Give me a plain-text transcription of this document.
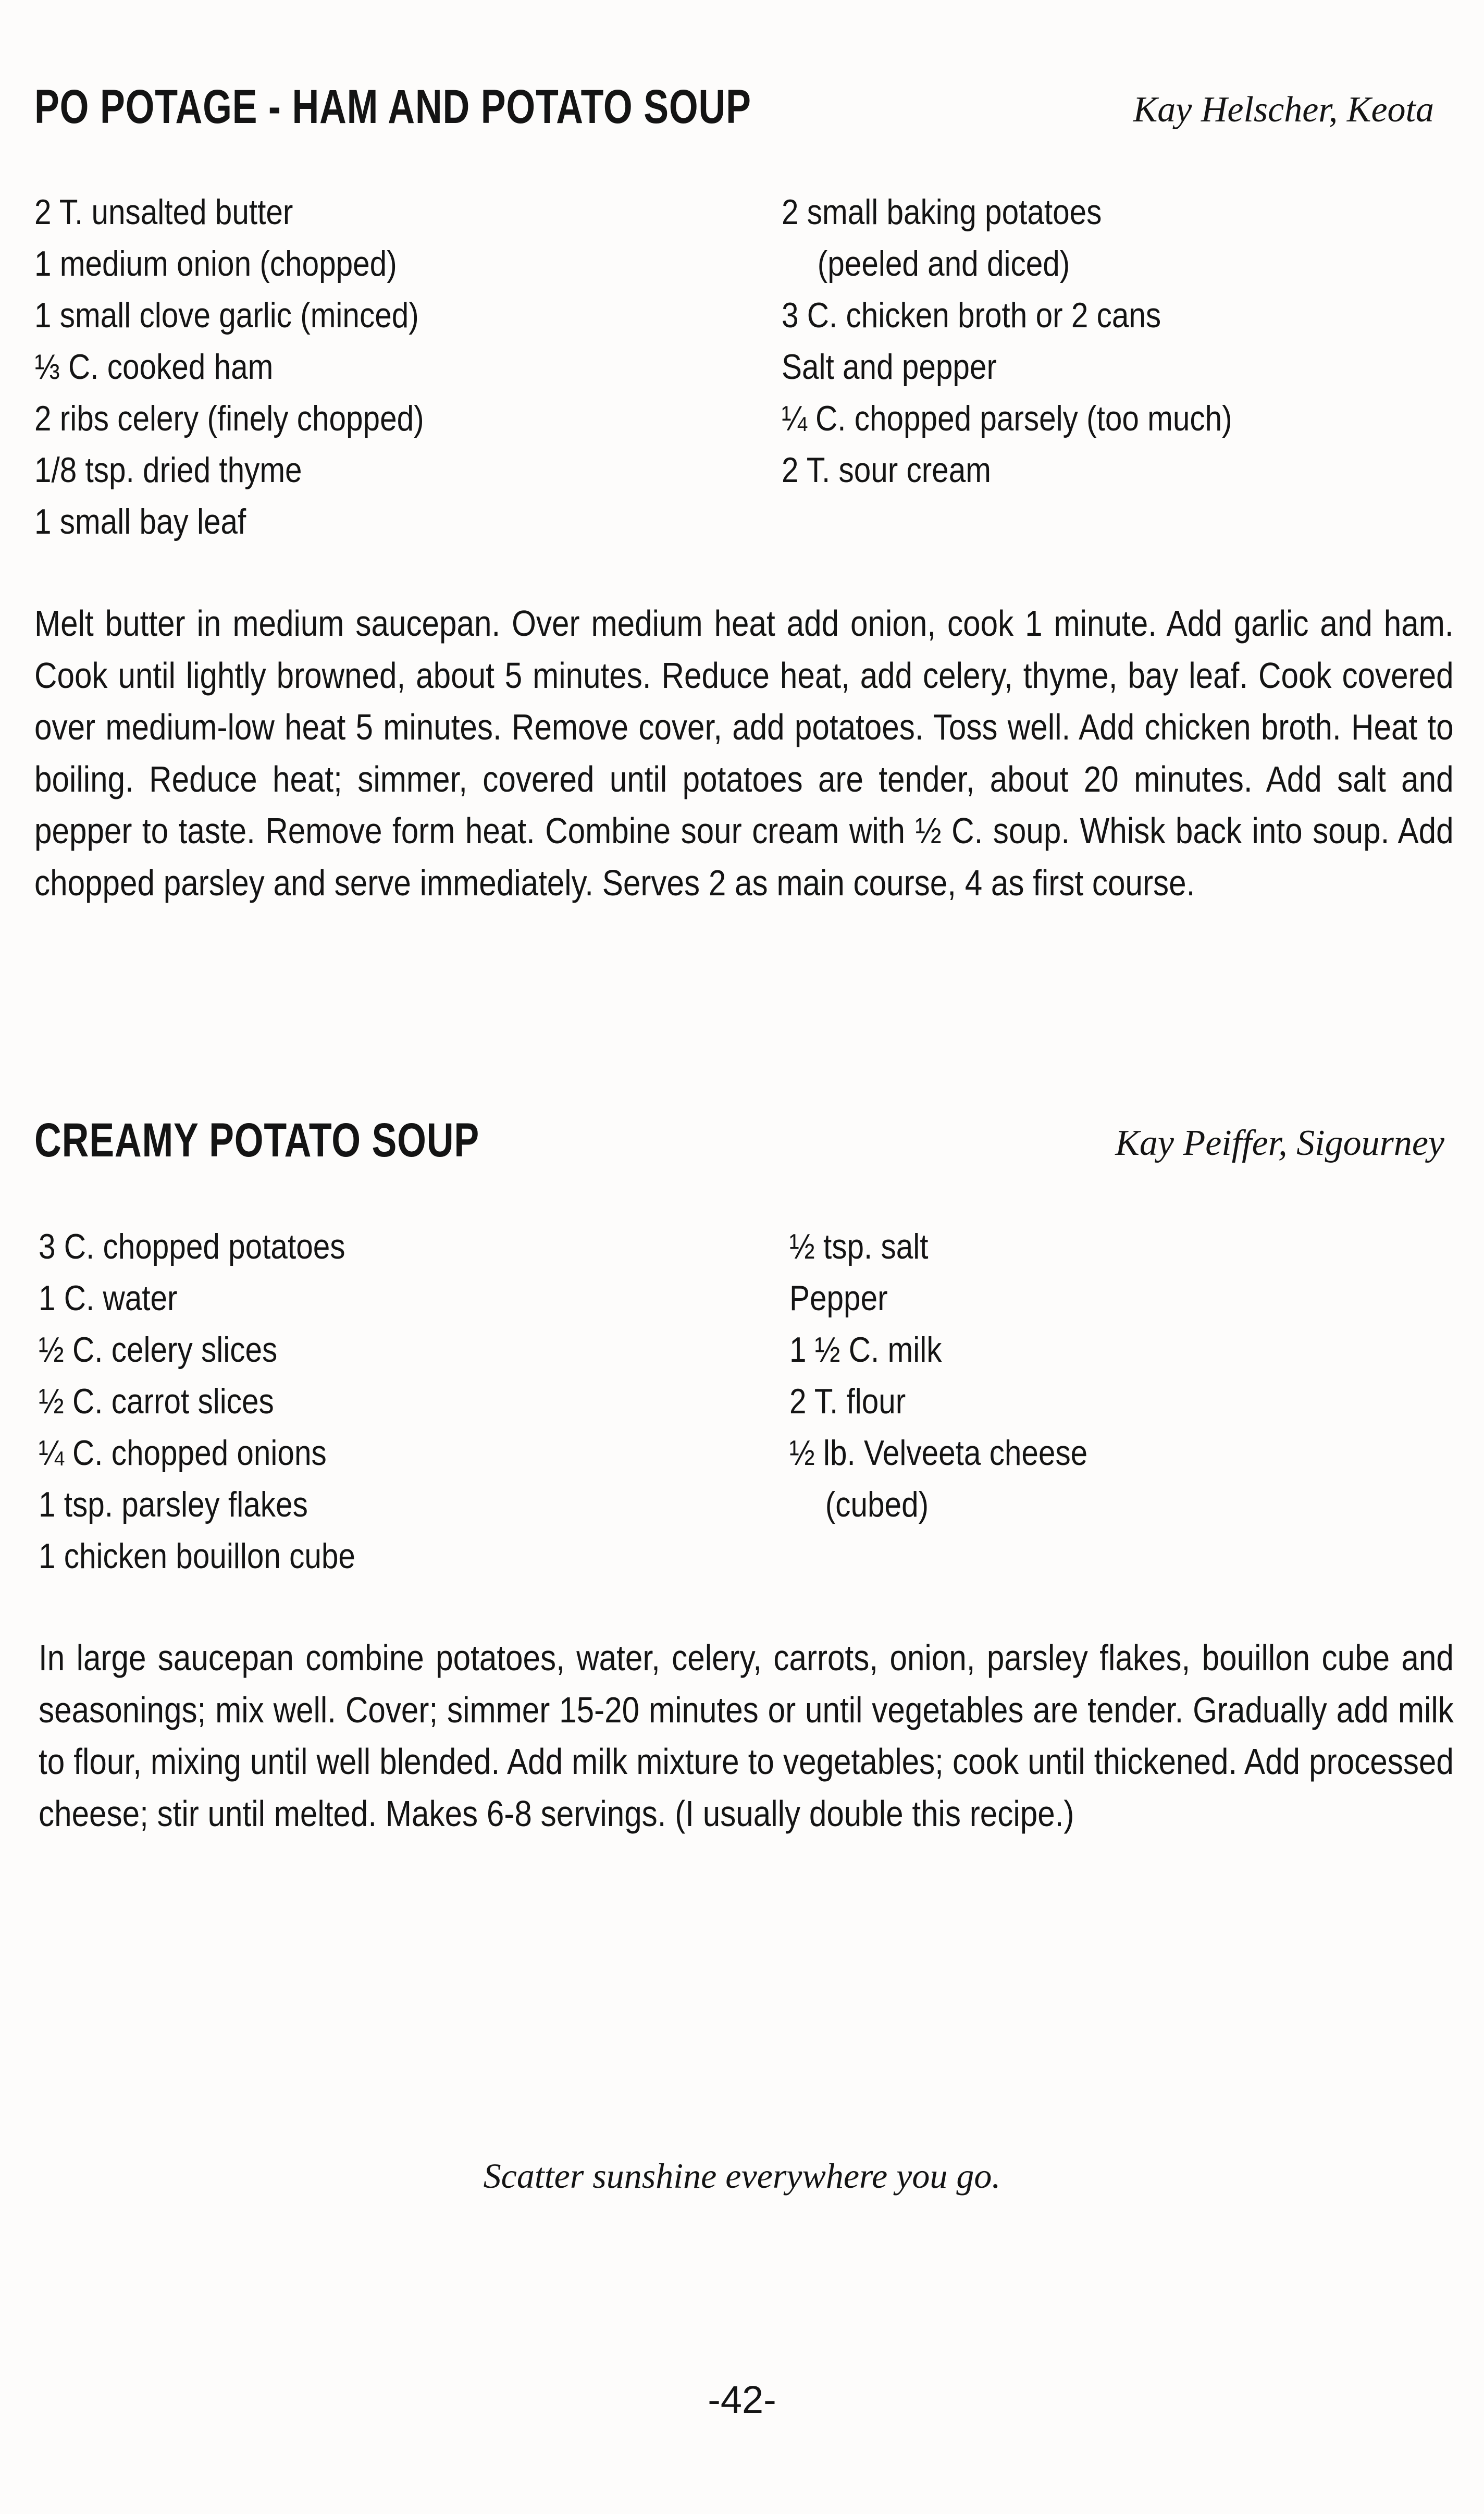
PO POTAGE - HAM AND POTATO SOUP	Kay Helscher, Keota
2 T. unsalted butter
1 medium onion (chopped)
1 small clove garlic (minced)
⅓ C. cooked ham
2 ribs celery (finely chopped)
1/8 tsp. dried thyme
1 small bay leaf
2 small baking potatoes
(peeled and diced)
3 C. chicken broth or 2 cans
Salt and pepper
¼ C. chopped parsely (too much)
2 T. sour cream
Melt butter in medium saucepan. Over medium heat add onion, cook 1 minute. Add garlic and ham. Cook until lightly browned, about 5 minutes. Reduce heat, add celery, thyme, bay leaf. Cook covered over medium-low heat 5 minutes. Remove cover, add potatoes. Toss well. Add chicken broth. Heat to boiling. Reduce heat; simmer, covered until potatoes are tender, about 20 minutes. Add salt and pepper to taste. Remove form heat. Combine sour cream with ½ C. soup. Whisk back into soup. Add chopped parsley and serve immediately. Serves 2 as main course, 4 as first course.
CREAMY POTATO SOUP	Kay Peiffer, Sigourney
3 C. chopped potatoes
1 C. water
½ C. celery slices
½ C. carrot slices
¼ C. chopped onions
1 tsp. parsley flakes
1 chicken bouillon cube
½ tsp. salt
Pepper
1 ½ C. milk
2 T. flour
½ lb. Velveeta cheese
(cubed)
In large saucepan combine potatoes, water, celery, carrots, onion, parsley flakes, bouillon cube and seasonings; mix well. Cover; simmer 15-20 minutes or until vegetables are tender. Gradually add milk to flour, mixing until well blended. Add milk mixture to vegetables; cook until thickened. Add processed cheese; stir until melted. Makes 6-8 servings. (I usually double this recipe.)
Scatter sunshine everywhere you go.
-42-
